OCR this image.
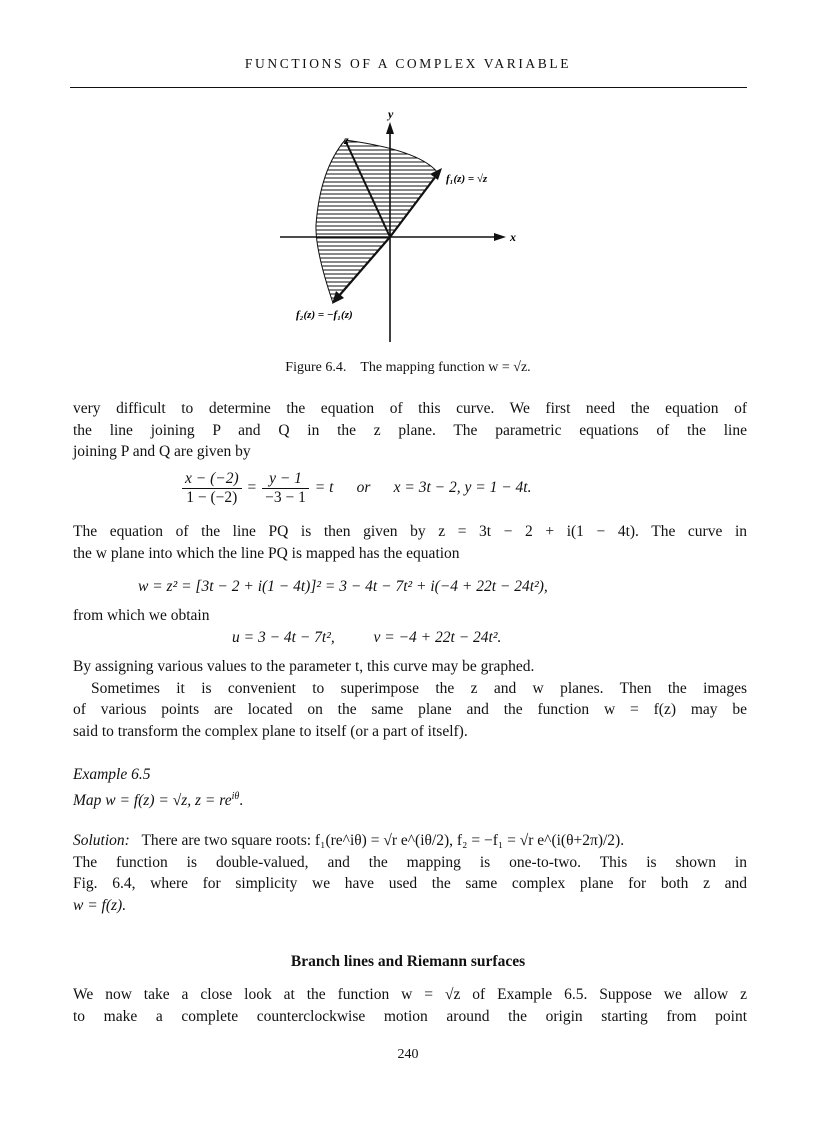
FUNCTIONS OF A COMPLEX VARIABLE
y
x
z
f₁(z) = √z
f₂(z) = −f₁(z)
Figure 6.4. The mapping function w = √z.
very difficult to determine the equation of this curve. We first need the equation of
the line joining P and Q in the z plane. The parametric equations of the line
joining P and Q are given by
$\frac{x - (-2)}{1 - (-2)} = \frac{y - 1}{-3 - 1} = t$      or      x = 3t − 2, y = 1 − 4t.
The equation of the line PQ is then given by z = 3t − 2 + i(1 − 4t). The curve in
the w plane into which the line PQ is mapped has the equation
w = z² = [3t − 2 + i(1 − 4t)]² = 3 − 4t − 7t² + i(−4 + 22t − 24t²),
from which we obtain
u = 3 − 4t − 7t²,          v = −4 + 22t − 24t².
By assigning various values to the parameter t, this curve may be graphed.
Sometimes it is convenient to superimpose the z and w planes. Then the images
of various points are located on the same plane and the function w = f(z) may be
said to transform the complex plane to itself (or a part of itself).
Example 6.5
Map w = f(z) = √z, $z = re^{i\theta}$.
Solution: There are two square roots: f₁(re^iθ) = √r e^(iθ/2), f₂ = −f₁ = √r e^(i(θ+2π)/2).
The function is double-valued, and the mapping is one-to-two. This is shown in
Fig. 6.4, where for simplicity we have used the same complex plane for both z and
w = f(z).
Branch lines and Riemann surfaces
We now take a close look at the function w = √z of Example 6.5. Suppose we allow z
to make a complete counterclockwise motion around the origin starting from point
240
